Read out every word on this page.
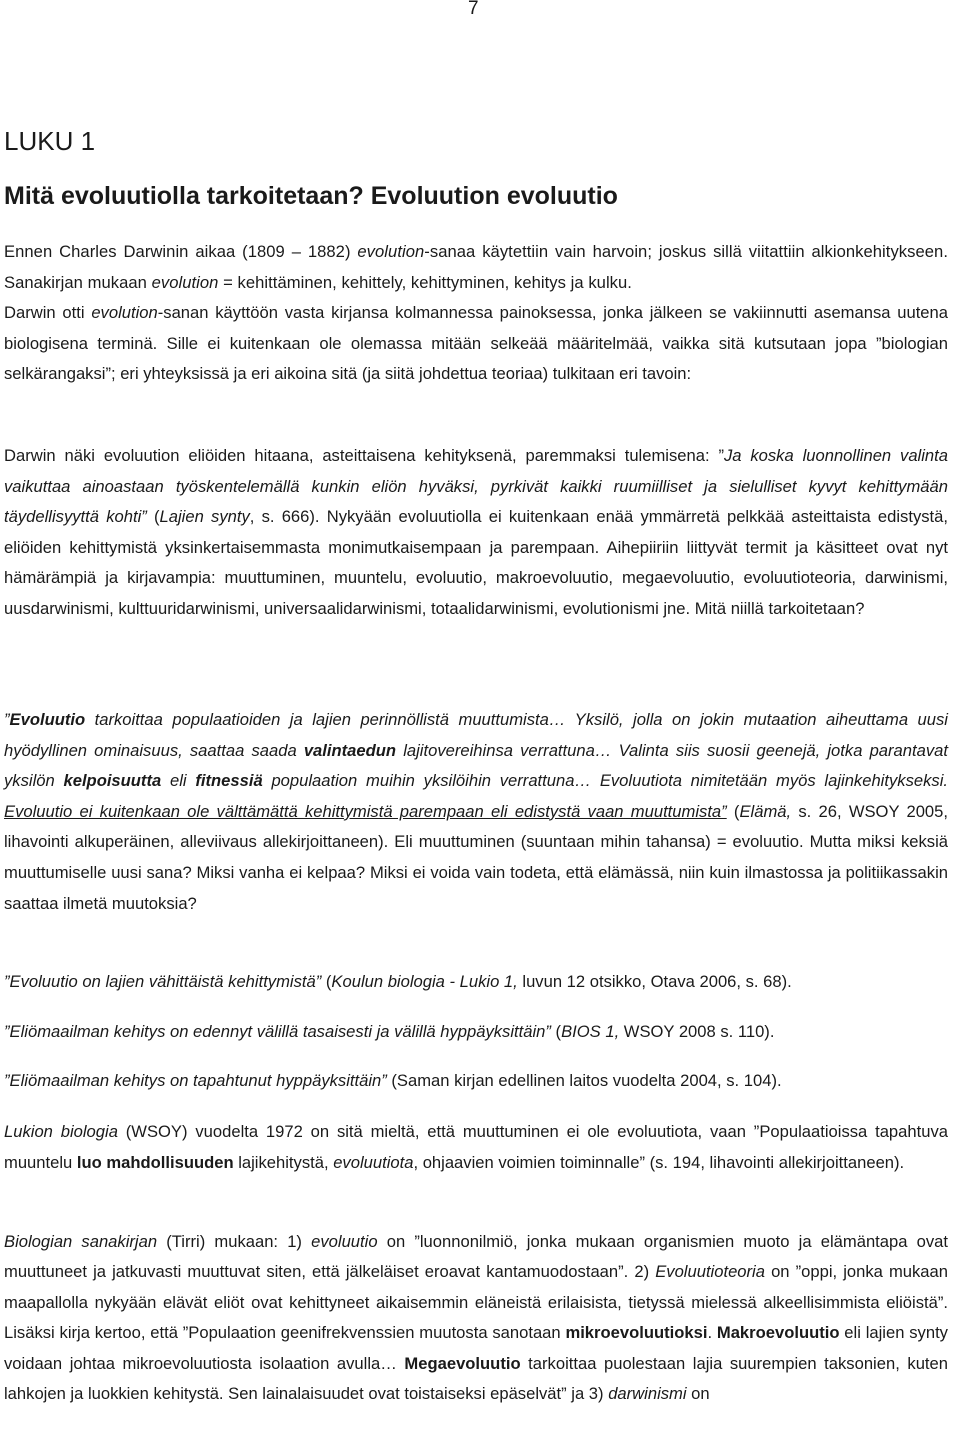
7
LUKU 1
Mitä evoluutiolla tarkoitetaan? Evoluution evoluutio

Ennen Charles Darwinin aikaa (1809 – 1882) evolution-sanaa käytettiin vain harvoin; joskus sillä viitattiin alkionkehitykseen. Sanakirjan mukaan evolution = kehittäminen, kehittely, kehittyminen, kehitys ja kulku.

Darwin otti evolution-sanan käyttöön vasta kirjansa kolmannessa painoksessa, jonka jälkeen se vakiinnutti asemansa uutena biologisena terminä. Sille ei kuitenkaan ole olemassa mitään selkeää määritelmää, vaikka sitä kutsutaan jopa ”biologian selkärangaksi”; eri yhteyksissä ja eri aikoina sitä (ja siitä johdettua teoriaa) tulkitaan eri tavoin:

Darwin näki evoluution eliöiden hitaana, asteittaisena kehityksenä, paremmaksi tulemisena: ”Ja koska luonnollinen valinta vaikuttaa ainoastaan työskentelemällä kunkin eliön hyväksi, pyrkivät kaikki ruumiilliset ja sielulliset kyvyt kehittymään täydellisyyttä kohti” (Lajien synty, s. 666). Nykyään evoluutiolla ei kuitenkaan enää ymmärretä pelkkää asteittaista edistystä, eliöiden kehittymistä yksinkertaisemmasta monimutkaisempaan ja parempaan. Aihepiiriin liittyvät termit ja käsitteet ovat nyt hämärämpiä ja kirjavampia: muuttuminen, muuntelu, evoluutio, makroevoluutio, megaevoluutio, evoluutioteoria, darwinismi, uusdarwinismi, kulttuuridarwinismi, universaalidarwinismi, totaalidarwinismi, evolutionismi jne. Mitä niillä tarkoitetaan?

”Evoluutio tarkoittaa populaatioiden ja lajien perinnöllistä muuttumista… Yksilö, jolla on jokin mutaation aiheuttama uusi hyödyllinen ominaisuus, saattaa saada valintaedun lajitovereihinsa verrattuna… Valinta siis suosii geenejä, jotka parantavat yksilön kelpoisuutta eli fitnessiä populaation muihin yksilöihin verrattuna… Evoluutiota nimitetään myös lajinkehitykseksi. Evoluutio ei kuitenkaan ole välttämättä kehittymistä parempaan eli edistystä vaan muuttumista” (Elämä, s. 26, WSOY 2005, lihavointi alkuperäinen, alleviivaus allekirjoittaneen). Eli muuttuminen (suuntaan mihin tahansa) = evoluutio. Mutta miksi keksiä muuttumiselle uusi sana? Miksi vanha ei kelpaa? Miksi ei voida vain todeta, että elämässä, niin kuin ilmastossa ja politiikassakin saattaa ilmetä muutoksia?

”Evoluutio on lajien vähittäistä kehittymistä” (Koulun biologia - Lukio 1, luvun 12 otsikko, Otava 2006, s. 68).

”Eliömaailman kehitys on edennyt välillä tasaisesti ja välillä hyppäyksittäin” (BIOS 1, WSOY 2008 s. 110).

”Eliömaailman kehitys on tapahtunut hyppäyksittäin” (Saman kirjan edellinen laitos vuodelta 2004, s. 104).

Lukion biologia (WSOY) vuodelta 1972 on sitä mieltä, että muuttuminen ei ole evoluutiota, vaan ”Populaatioissa tapahtuva muuntelu luo mahdollisuuden lajikehitystä, evoluutiota, ohjaavien voimien toiminnalle” (s. 194, lihavointi allekirjoittaneen).

Biologian sanakirjan (Tirri) mukaan: 1) evoluutio on ”luonnonilmiö, jonka mukaan organismien muoto ja elämäntapa ovat muuttuneet ja jatkuvasti muuttuvat siten, että jälkeläiset eroavat kantamuodostaan”. 2) Evoluutioteoria on ”oppi, jonka mukaan maapallolla nykyään elävät eliöt ovat kehittyneet aikaisemmin eläneistä erilaisista, tietyssä mielessä alkeellisimmista eliöistä”. Lisäksi kirja kertoo, että ”Populaation geenifrekvenssien muutosta sanotaan mikroevoluutioksi. Makroevoluutio eli lajien synty voidaan johtaa mikroevoluutiosta isolaation avulla… Megaevoluutio tarkoittaa puolestaan lajia suurempien taksonien, kuten lahkojen ja luokkien kehitystä. Sen lainalaisuudet ovat toistaiseksi epäselvät” ja 3) darwinismi on
